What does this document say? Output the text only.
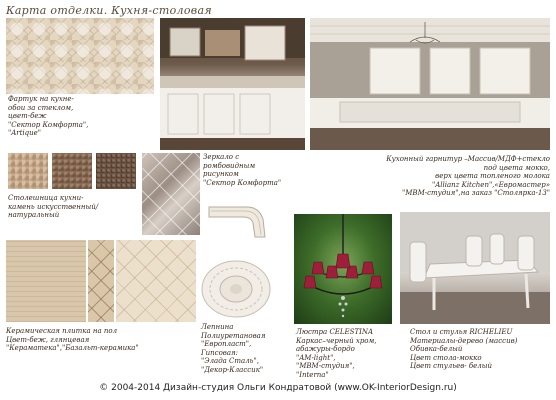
Карта отделки. Кухня-столовая
Фартук на кухне-
обои за стеклом,
цвет-беж
"Сектор Комфорта",
"Artique"
Столешница кухни-
камень искусственный/
натуральный
Зеркало с
ромбовидным
рисунком
"Сектор Комфорта"
Лепнина
Полиуретановая
"Европласт",
Гипсовая:
"Элада Сталь",
"Декор-Классик"
Кухонный гарнитур –Массив/МДФ+стекло
под цвета мокко,
верх цвета топленого молока
"Allianz Kitchen",«Евромастер»
"МВМ-студия",на заказ "Столярка-13"
Керамическая плитка на пол
Цвет-беж, глянцевая
"Кераматека","Базальт-керамика"
Люстра CELESTINA
Каркас–черный хром,
абажуры-бордо
"AM-light",
"МВМ-студия",
"Interna"
Стол и стулья RICHELIEU
Материалы-дерево (массив)
Обивка-белый
Цвет стола-мокко
Цвет стульев- белый
© 2004-2014 Дизайн-студия Ольги Кондратовой (www.OK-InteriorDesign.ru)
